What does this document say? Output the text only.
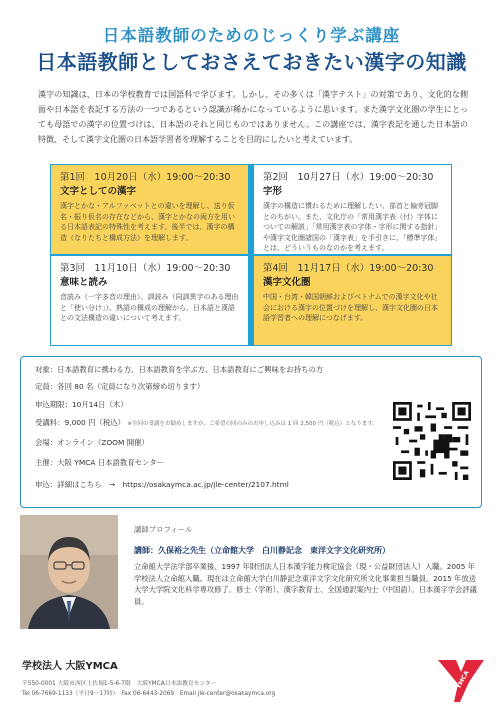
日本語教師のためのじっくり学ぶ講座
日本語教師としておさえておきたい漢字の知識
漢字の知識は、日本の学校教育では国語科で学びます。しかし、その多くは「漢字テスト」の対策であり、文化的な側面や日本語を表記する方法の一つであるという認識が稀かになっているように思います。また漢字文化圏の学生にとっても母語での漢字の位置づけは、日本語のそれと同じものではありません。この講座では、漢字表記を通した日本語の特徴、そして漢字文化圏の日本語学習者を理解することを目的にしたいと考えています。
第1回　10月20日（水）19:00～20:30
文字としての漢字
漢字とかな・アルファベットとの違いを理解し、送り仮名・振り仮名の存在などから、漢字とかなの両方を用いる日本語表記の特殊性を考えます。後半では、漢字の構造（なりたちと構成方法）を理解します。
第2回　10月27日（水）19:00～20:30
字形
漢字の構造に慣れるために理解したい、部首と偏旁冠脚とのちがい。また、文化庁の「常用漢字表（付）字体についての解説」「常用漢字表の字体・字形に関する指針」や漢字文化圏諸国の「漢字表」を手引きに、「標準字体」とは、どういうものなのかを考えます。
第3回　11月10日（水）19:00～20:30
意味と読み
音読み（一字多音の理由）、訓読み（同訓異字のある理由と「使い分け」）、熟語の構成の理解から、日本語と漢語との文法構造の違いについて考えます。
第4回　11月17日（水）19:00～20:30
漢字文化圏
中国・台湾・韓国朝鮮およびベトナムでの漢字文化や社会における漢字の位置づけを理解し、漢字文化圏の日本語学習者への理解につなげます。
対象：日本語教育に携わる方、日本語教育を学ぶ方、日本語教育にご興味をお持ちの方
定員：各回 80 名（定員になり次第締め切ります）
申込期限：10月14日（木）
受講料：9,000 円（税込） ※全回の受講をお勧めしますが、ご希望の回のみのお申し込みは 1 回 2,500 円（税込）となります。
会場：オンライン（ZOOM 開催）
主催：大阪 YMCA 日本語教育センター
申込：詳細はこちら　→　https://osakaymca.ac.jp/jle-center/2107.html
講師プロフィール
講師：久保裕之先生（立命館大学　白川静記念　東洋文字文化研究所）
立命館大学法学部卒業後、1997 年財団法人日本漢字能力検定協会（現・公益財団法人）入職。2005 年学校法人立命館入職。現在は立命館大学白川静記念東洋文字文化研究所文化事業担当職員。2015 年放送大学大学院文化科学専攻修了。修士（学術）、漢字教育士、全国通訳案内士（中国語）。日本漢字学会評議員。
学校法人 大阪YMCA
〒550-0001 大阪市西区土佐堀1-5-6-7階　大阪YMCA日本語教育センター
Tel 06-7669-1133（平日9～17時）　Fax 06-6443-2069　Email jle-center@osakaymca.org
YMCA
